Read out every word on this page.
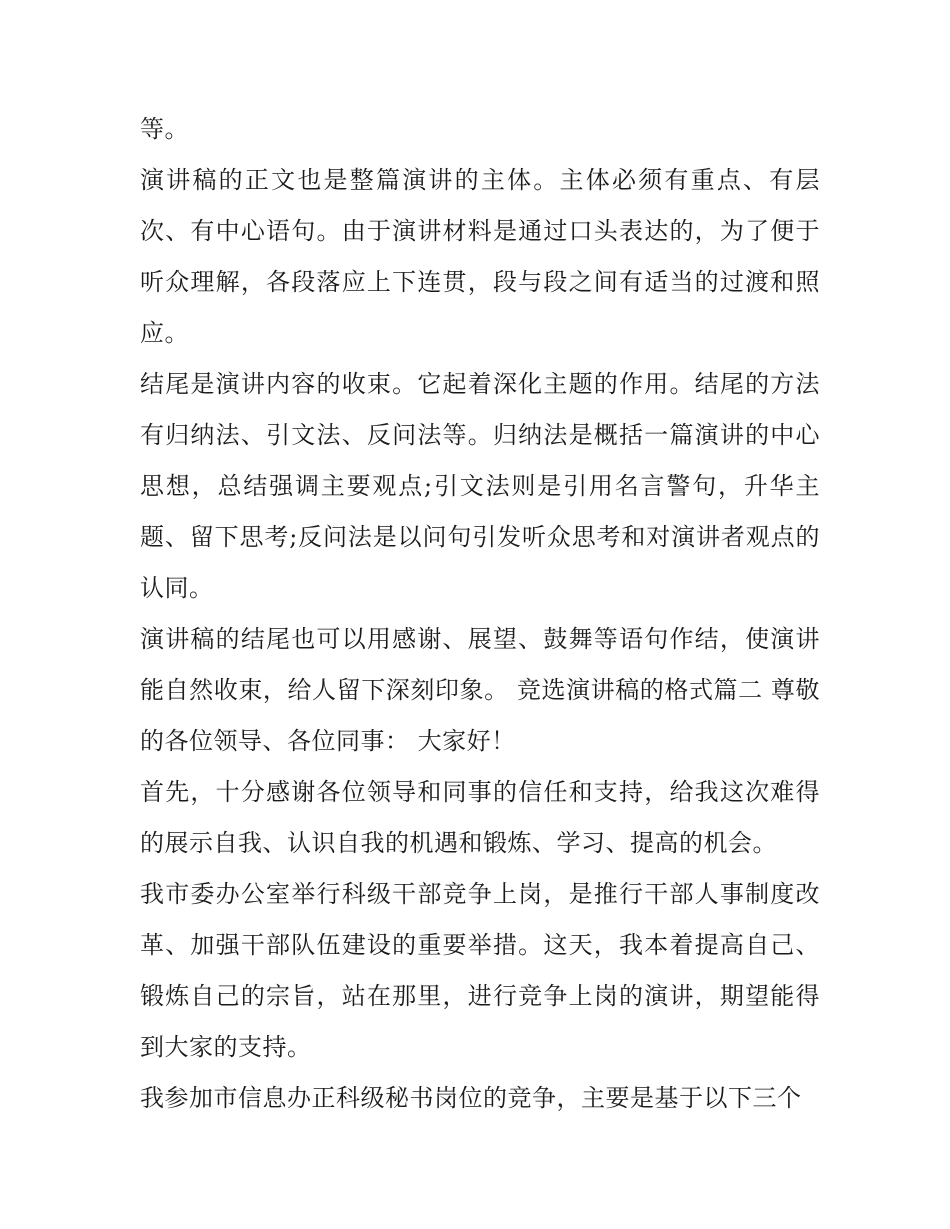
等。

演讲稿的正文也是整篇演讲的主体。主体必须有重点、有层次、有中心语句。由于演讲材料是通过口头表达的，为了便于听众理解，各段落应上下连贯，段与段之间有适当的过渡和照应。

结尾是演讲内容的收束。它起着深化主题的作用。结尾的方法有归纳法、引文法、反问法等。归纳法是概括一篇演讲的中心思想，总结强调主要观点;引文法则是引用名言警句，升华主题、留下思考;反问法是以问句引发听众思考和对演讲者观点的认同。

演讲稿的结尾也可以用感谢、展望、鼓舞等语句作结，使演讲能自然收束，给人留下深刻印象。 竞选演讲稿的格式篇二 尊敬的各位领导、各位同事： 大家好！

首先，十分感谢各位领导和同事的信任和支持，给我这次难得的展示自我、认识自我的机遇和锻炼、学习、提高的机会。

我市委办公室举行科级干部竞争上岗，是推行干部人事制度改革、加强干部队伍建设的重要举措。这天，我本着提高自己、锻炼自己的宗旨，站在那里，进行竞争上岗的演讲，期望能得到大家的支持。

我参加市信息办正科级秘书岗位的竞争，主要是基于以下三个
